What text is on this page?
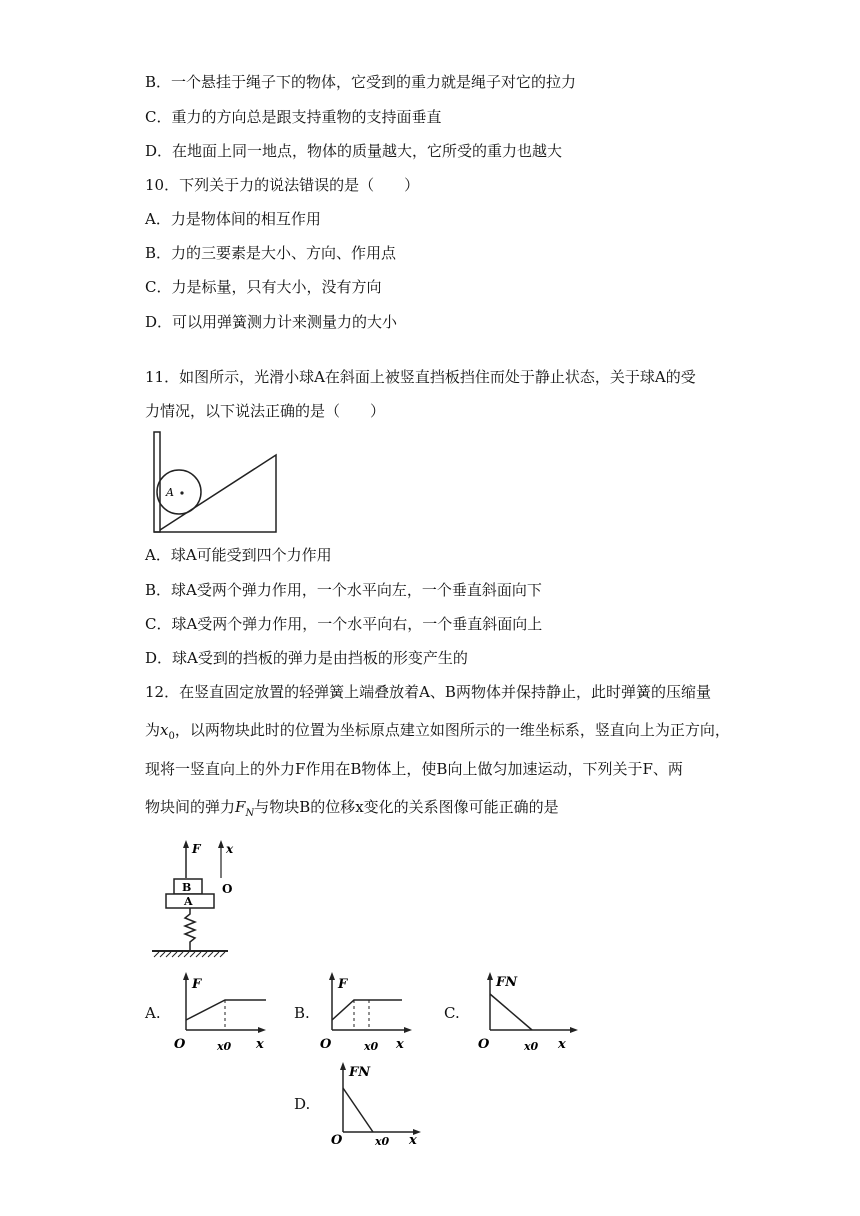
B．一个悬挂于绳子下的物体，它受到的重力就是绳子对它的拉力
C．重力的方向总是跟支持重物的支持面垂直
D．在地面上同一地点，物体的质量越大，它所受的重力也越大
10．下列关于力的说法错误的是（　　）
A．力是物体间的相互作用
B．力的三要素是大小、方向、作用点
C．力是标量，只有大小，没有方向
D．可以用弹簧测力计来测量力的大小
11．如图所示，光滑小球A在斜面上被竖直挡板挡住而处于静止状态，关于球A的受
力情况，以下说法正确的是（　　）
A
A．球A可能受到四个力作用
B．球A受两个弹力作用，一个水平向左，一个垂直斜面向下
C．球A受两个弹力作用，一个水平向右，一个垂直斜面向上
D．球A受到的挡板的弹力是由挡板的形变产生的
12．在竖直固定放置的轻弹簧上端叠放着A、B两物体并保持静止，此时弹簧的压缩量
为$x_0$，以两物块此时的位置为坐标原点建立如图所示的一维坐标系，竖直向上为正方向，
现将一竖直向上的外力F作用在B物体上，使B向上做匀加速运动，下列关于F、两
物块间的弹力$F_N$与物块B的位移x变化的关系图像可能正确的是
F x
O
B
A
A.
F
O	x0 x
B.
F
O	x0 x
C.
FN
O	x0 x
D.
FN
O	x0 x
